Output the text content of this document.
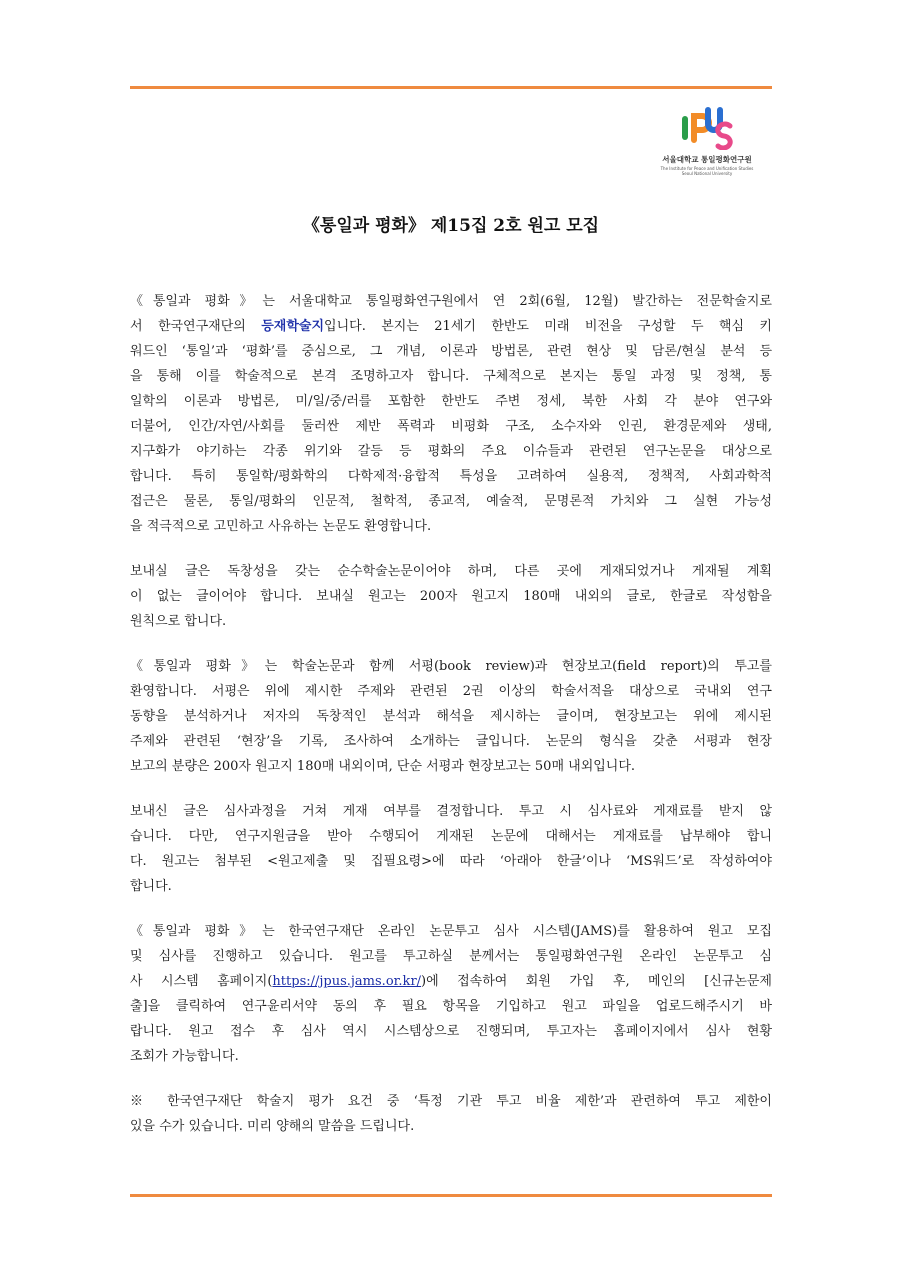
서울대학교 통일평화연구원
The Institute for Peace and Unification Studies
Seoul National University
《통일과 평화》 제15집 2호 원고 모집
《통일과 평화》는 서울대학교 통일평화연구원에서 연 2회(6월, 12월) 발간하는 전문학술지로
서 한국연구재단의 등재학술지입니다. 본지는 21세기 한반도 미래 비전을 구성할 두 핵심 키
워드인 ‘통일’과 ‘평화’를 중심으로, 그 개념, 이론과 방법론, 관련 현상 및 담론/현실 분석 등
을 통해 이를 학술적으로 본격 조명하고자 합니다. 구체적으로 본지는 통일 과정 및 정책, 통
일학의 이론과 방법론, 미/일/중/러를 포함한 한반도 주변 정세, 북한 사회 각 분야 연구와
더불어, 인간/자연/사회를 둘러싼 제반 폭력과 비평화 구조, 소수자와 인권, 환경문제와 생태,
지구화가 야기하는 각종 위기와 갈등 등 평화의 주요 이슈들과 관련된 연구논문을 대상으로
합니다. 특히 통일학/평화학의 다학제적·융합적 특성을 고려하여 실용적, 정책적, 사회과학적
접근은 물론, 통일/평화의 인문적, 철학적, 종교적, 예술적, 문명론적 가치와 그 실현 가능성
을 적극적으로 고민하고 사유하는 논문도 환영합니다.
보내실 글은 독창성을 갖는 순수학술논문이어야 하며, 다른 곳에 게재되었거나 게재될 계획
이 없는 글이어야 합니다. 보내실 원고는 200자 원고지 180매 내외의 글로, 한글로 작성함을
원칙으로 합니다.
《통일과 평화》는 학술논문과 함께 서평(book review)과 현장보고(field report)의 투고를
환영합니다. 서평은 위에 제시한 주제와 관련된 2권 이상의 학술서적을 대상으로 국내외 연구
동향을 분석하거나 저자의 독창적인 분석과 해석을 제시하는 글이며, 현장보고는 위에 제시된
주제와 관련된 ‘현장’을 기록, 조사하여 소개하는 글입니다. 논문의 형식을 갖춘 서평과 현장
보고의 분량은 200자 원고지 180매 내외이며, 단순 서평과 현장보고는 50매 내외입니다.
보내신 글은 심사과정을 거쳐 게재 여부를 결정합니다. 투고 시 심사료와 게재료를 받지 않
습니다. 다만, 연구지원금을 받아 수행되어 게재된 논문에 대해서는 게재료를 납부해야 합니
다. 원고는 첨부된 <원고제출 및 집필요령>에 따라 ‘아래아 한글’이나 ‘MS워드’로 작성하여야
합니다.
《통일과 평화》는 한국연구재단 온라인 논문투고 심사 시스템(JAMS)를 활용하여 원고 모집
및 심사를 진행하고 있습니다. 원고를 투고하실 분께서는 통일평화연구원 온라인 논문투고 심
사 시스템 홈페이지(https://jpus.jams.or.kr/)에 접속하여 회원 가입 후, 메인의 [신규논문제
출]을 클릭하여 연구윤리서약 동의 후 필요 항목을 기입하고 원고 파일을 업로드해주시기 바
랍니다. 원고 접수 후 심사 역시 시스템상으로 진행되며, 투고자는 홈페이지에서 심사 현황
조회가 가능합니다.
※ 한국연구재단 학술지 평가 요건 중 ‘특정 기관 투고 비율 제한’과 관련하여 투고 제한이
있을 수가 있습니다. 미리 양해의 말씀을 드립니다.
